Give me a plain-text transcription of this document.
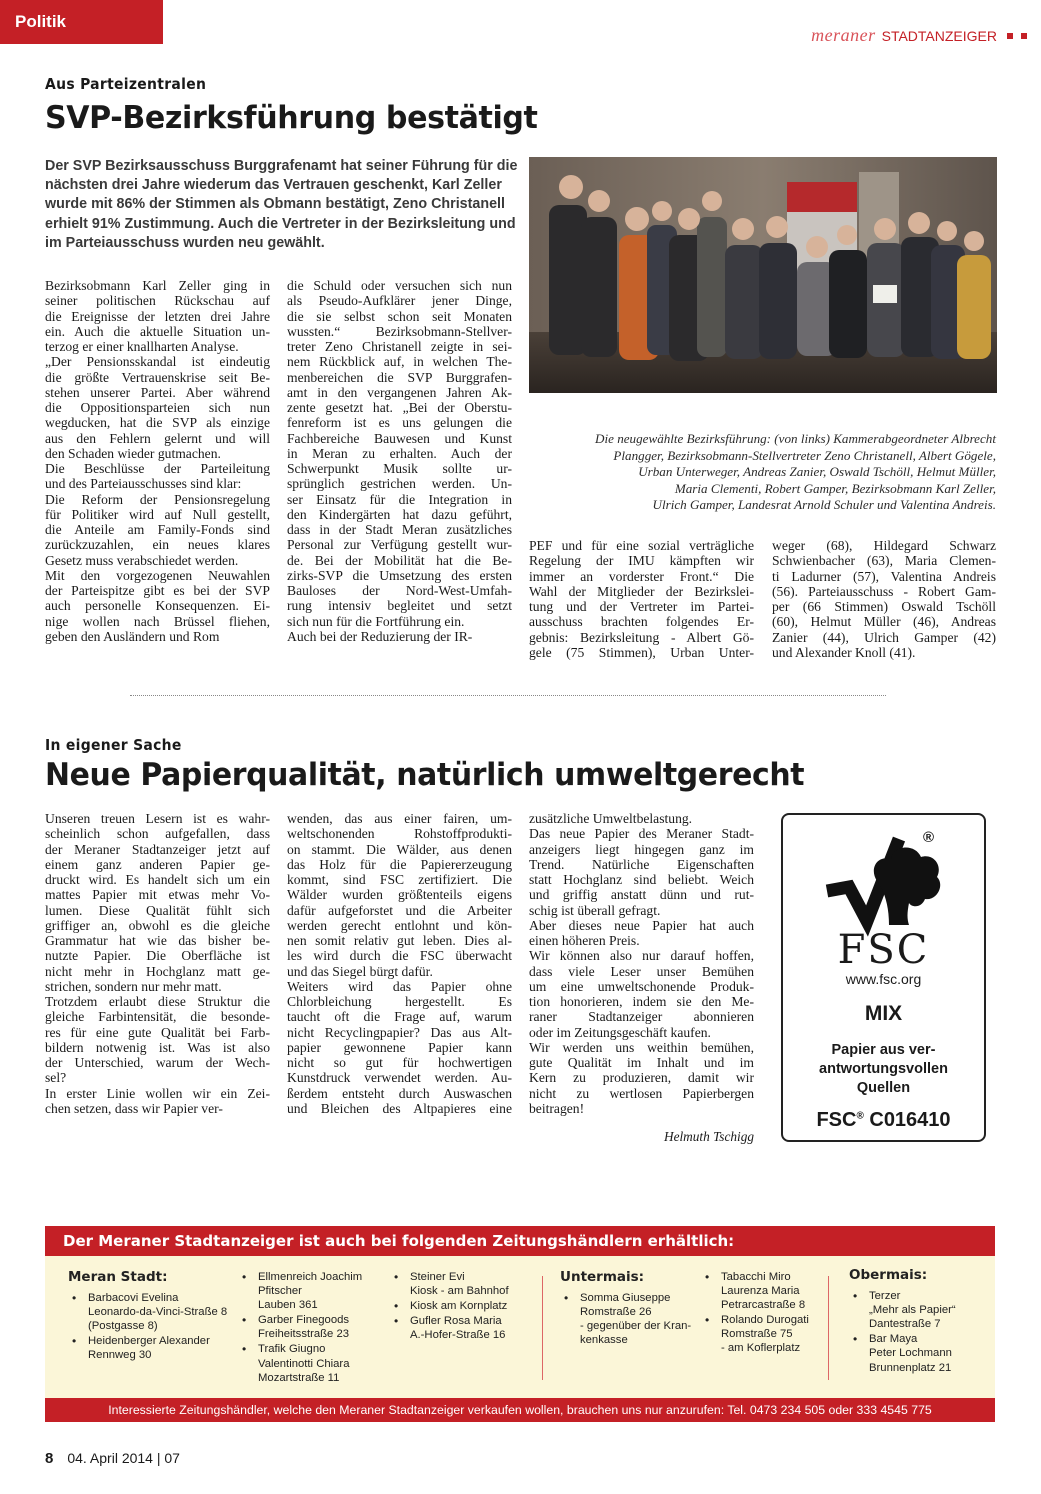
Politik
meraner STADTANZEIGER
Aus Parteizentralen
SVP-Bezirksführung bestätigt
Der SVP Bezirksausschuss Burggrafenamt hat seiner Führung für die
nächsten drei Jahre wiederum das Vertrauen geschenkt, Karl Zeller
wurde mit 86% der Stimmen als Obmann bestätigt, Zeno Christanell
erhielt 91% Zustimmung. Auch die Vertreter in der Bezirksleitung und
im Parteiausschuss wurden neu gewählt.
Bezirksobmann Karl Zeller ging in
seiner politischen Rückschau auf
die Ereignisse der letzten drei Jahre
ein. Auch die aktuelle Situation un-
terzog er einer knallharten Analyse.
„Der Pensionsskandal ist eindeutig
die größte Vertrauenskrise seit Be-
stehen unserer Partei. Aber während
die Oppositionsparteien sich nun
wegducken, hat die SVP als einzige
aus den Fehlern gelernt und will
den Schaden wieder gutmachen.
Die Beschlüsse der Parteileitung
und des Parteiausschusses sind klar:
Die Reform der Pensionsregelung
für Politiker wird auf Null gestellt,
die Anteile am Family-Fonds sind
zurückzuzahlen, ein neues klares
Gesetz muss verabschiedet werden.
Mit den vorgezogenen Neuwahlen
der Parteispitze gibt es bei der SVP
auch personelle Konsequenzen. Ei-
nige wollen nach Brüssel fliehen,
geben den Ausländern und Rom
die Schuld oder versuchen sich nun
als Pseudo-Aufklärer jener Dinge,
die sie selbst schon seit Monaten
wussten.“ Bezirksobmann-Stellver-
treter Zeno Christanell zeigte in sei-
nem Rückblick auf, in welchen The-
menbereichen die SVP Burggrafen-
amt in den vergangenen Jahren Ak-
zente gesetzt hat. „Bei der Oberstu-
fenreform ist es uns gelungen die
Fachbereiche Bauwesen und Kunst
in Meran zu erhalten. Auch der
Schwerpunkt Musik sollte ur-
sprünglich gestrichen werden. Un-
ser Einsatz für die Integration in
den Kindergärten hat dazu geführt,
dass in der Stadt Meran zusätzliches
Personal zur Verfügung gestellt wur-
de. Bei der Mobilität hat die Be-
zirks-SVP die Umsetzung des ersten
Bauloses der Nord-West-Umfah-
rung intensiv begleitet und setzt
sich nun für die Fortführung ein.
Auch bei der Reduzierung der IR-
PEF und für eine sozial verträgliche
Regelung der IMU kämpften wir
immer an vorderster Front.“ Die
Wahl der Mitglieder der Bezirkslei-
tung und der Vertreter im Partei-
ausschuss brachten folgendes Er-
gebnis: Bezirksleitung - Albert Gö-
gele (75 Stimmen), Urban Unter-
weger (68), Hildegard Schwarz
Schwienbacher (63), Maria Clemen-
ti Ladurner (57), Valentina Andreis
(56). Parteiausschuss - Robert Gam-
per (66 Stimmen) Oswald Tschöll
(60), Helmut Müller (46), Andreas
Zanier (44), Ulrich Gamper (42)
und Alexander Knoll (41).
Die neugewählte Bezirksführung: (von links) Kammerabgeordneter Albrecht
Plangger, Bezirksobmann-Stellvertreter Zeno Christanell, Albert Gögele,
Urban Unterweger, Andreas Zanier, Oswald Tschöll, Helmut Müller,
Maria Clementi, Robert Gamper, Bezirksobmann Karl Zeller,
Ulrich Gamper, Landesrat Arnold Schuler und Valentina Andreis.
In eigener Sache
Neue Papierqualität, natürlich umweltgerecht
Unseren treuen Lesern ist es wahr-
scheinlich schon aufgefallen, dass
der Meraner Stadtanzeiger jetzt auf
einem ganz anderen Papier ge-
druckt wird. Es handelt sich um ein
mattes Papier mit etwas mehr Vo-
lumen. Diese Qualität fühlt sich
griffiger an, obwohl es die gleiche
Grammatur hat wie das bisher be-
nutzte Papier. Die Oberfläche ist
nicht mehr in Hochglanz matt ge-
strichen, sondern nur mehr matt.
Trotzdem erlaubt diese Struktur die
gleiche Farbintensität, die besonde-
res für eine gute Qualität bei Farb-
bildern notwenig ist. Was ist also
der Unterschied, warum der Wech-
sel?
In erster Linie wollen wir ein Zei-
chen setzen, dass wir Papier ver-
wenden, das aus einer fairen, um-
weltschonenden Rohstoffprodukti-
on stammt. Die Wälder, aus denen
das Holz für die Papiererzeugung
kommt, sind FSC zertifiziert. Die
Wälder wurden größtenteils eigens
dafür aufgeforstet und die Arbeiter
werden gerecht entlohnt und kön-
nen somit relativ gut leben. Dies al-
les wird durch die FSC überwacht
und das Siegel bürgt dafür.
Weiters wird das Papier ohne
Chlorbleichung hergestellt. Es
taucht oft die Frage auf, warum
nicht Recyclingpapier? Das aus Alt-
papier gewonnene Papier kann
nicht so gut für hochwertigen
Kunstdruck verwendet werden. Au-
ßerdem entsteht durch Auswaschen
und Bleichen des Altpapieres eine
zusätzliche Umweltbelastung.
Das neue Papier des Meraner Stadt-
anzeigers liegt hingegen ganz im
Trend. Natürliche Eigenschaften
statt Hochglanz sind beliebt. Weich
und griffig anstatt dünn und rut-
schig ist überall gefragt.
Aber dieses neue Papier hat auch
einen höheren Preis.
Wir können also nur darauf hoffen,
dass viele Leser unser Bemühen
um eine umweltschonende Produk-
tion honorieren, indem sie den Me-
raner Stadtanzeiger abonnieren
oder im Zeitungsgeschäft kaufen.
Wir werden uns weithin bemühen,
gute Qualität im Inhalt und im
Kern zu produzieren, damit wir
nicht zu wertlosen Papierbergen
beitragen!
Helmuth Tschigg
®
FSC
www.fsc.org
MIX
Papier aus ver-
antwortungsvollen
Quellen
FSC® C016410
Der Meraner Stadtanzeiger ist auch bei folgenden Zeitungshändlern erhältlich:
Meran Stadt:
• Barbacovi Evelina
Leonardo-da-Vinci-Straße 8
(Postgasse 8)
• Heidenberger Alexander
Rennweg 30
• Ellmenreich Joachim
Pfitscher
Lauben 361
• Garber Finegoods
Freiheitsstraße 23
• Trafik Giugno
Valentinotti Chiara
Mozartstraße 11
• Steiner Evi
Kiosk - am Bahnhof
• Kiosk am Kornplatz
• Gufler Rosa Maria
A.-Hofer-Straße 16
Untermais:
• Somma Giuseppe
Romstraße 26
- gegenüber der Kran-
kenkasse
• Tabacchi Miro
Laurenza Maria
Petrarcastraße 8
• Rolando Durogati
Romstraße 75
- am Koflerplatz
Obermais:
• Terzer
„Mehr als Papier“
Dantestraße 7
• Bar Maya
Peter Lochmann
Brunnenplatz 21
Interessierte Zeitungshändler, welche den Meraner Stadtanzeiger verkaufen wollen, brauchen uns nur anzurufen: Tel. 0473 234 505 oder 333 4545 775
8 04. April 2014 | 07
